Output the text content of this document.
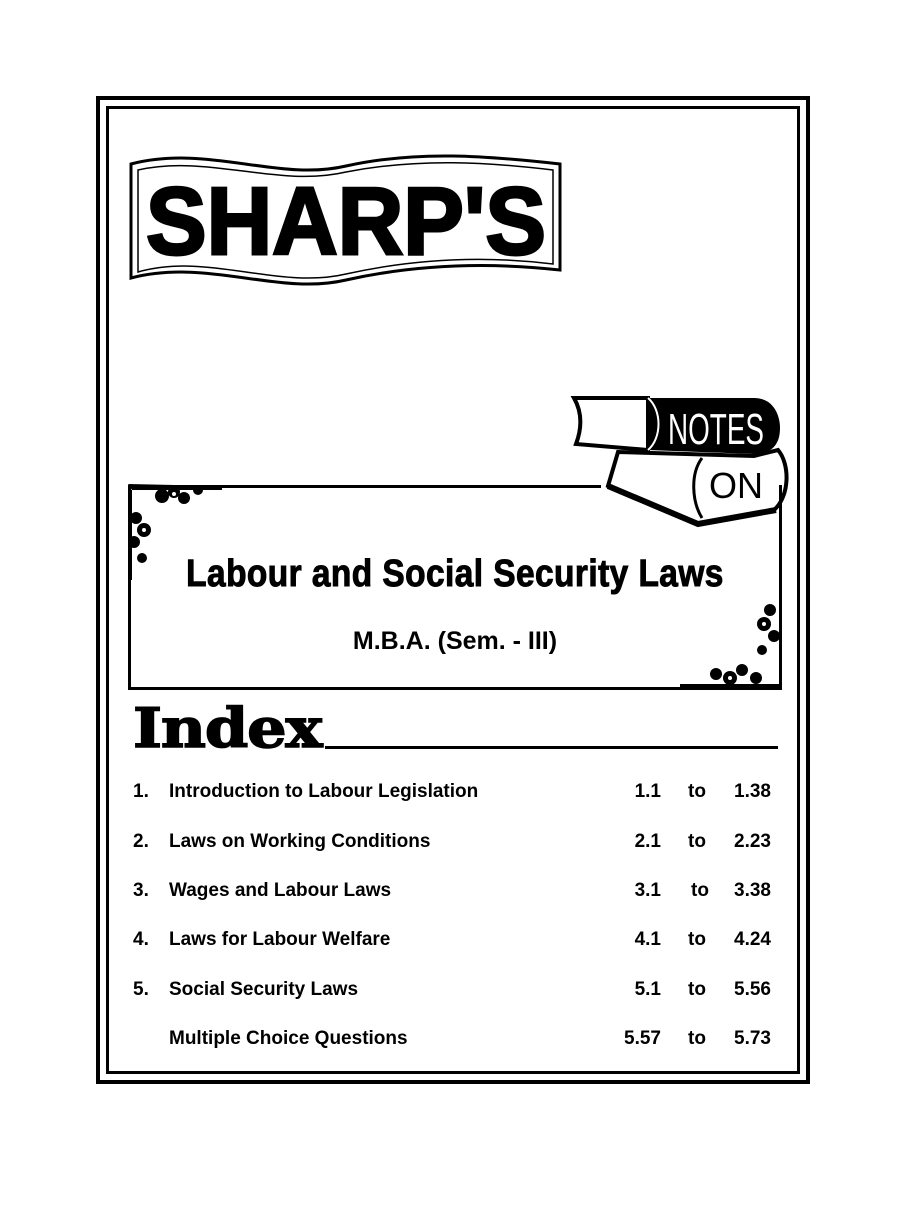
SHARP'S
NOTES
ON
Labour and Social Security Laws
M.B.A. (Sem. - III)
Index
1. Introduction to Labour Legislation	1.1 to 1.38
2. Laws on Working Conditions	2.1 to 2.23
3. Wages and Labour Laws	3.1 to 3.38
4. Laws for Labour Welfare	4.1 to 4.24
5. Social Security Laws	5.1 to 5.56
Multiple Choice Questions	5.57 to 5.73
